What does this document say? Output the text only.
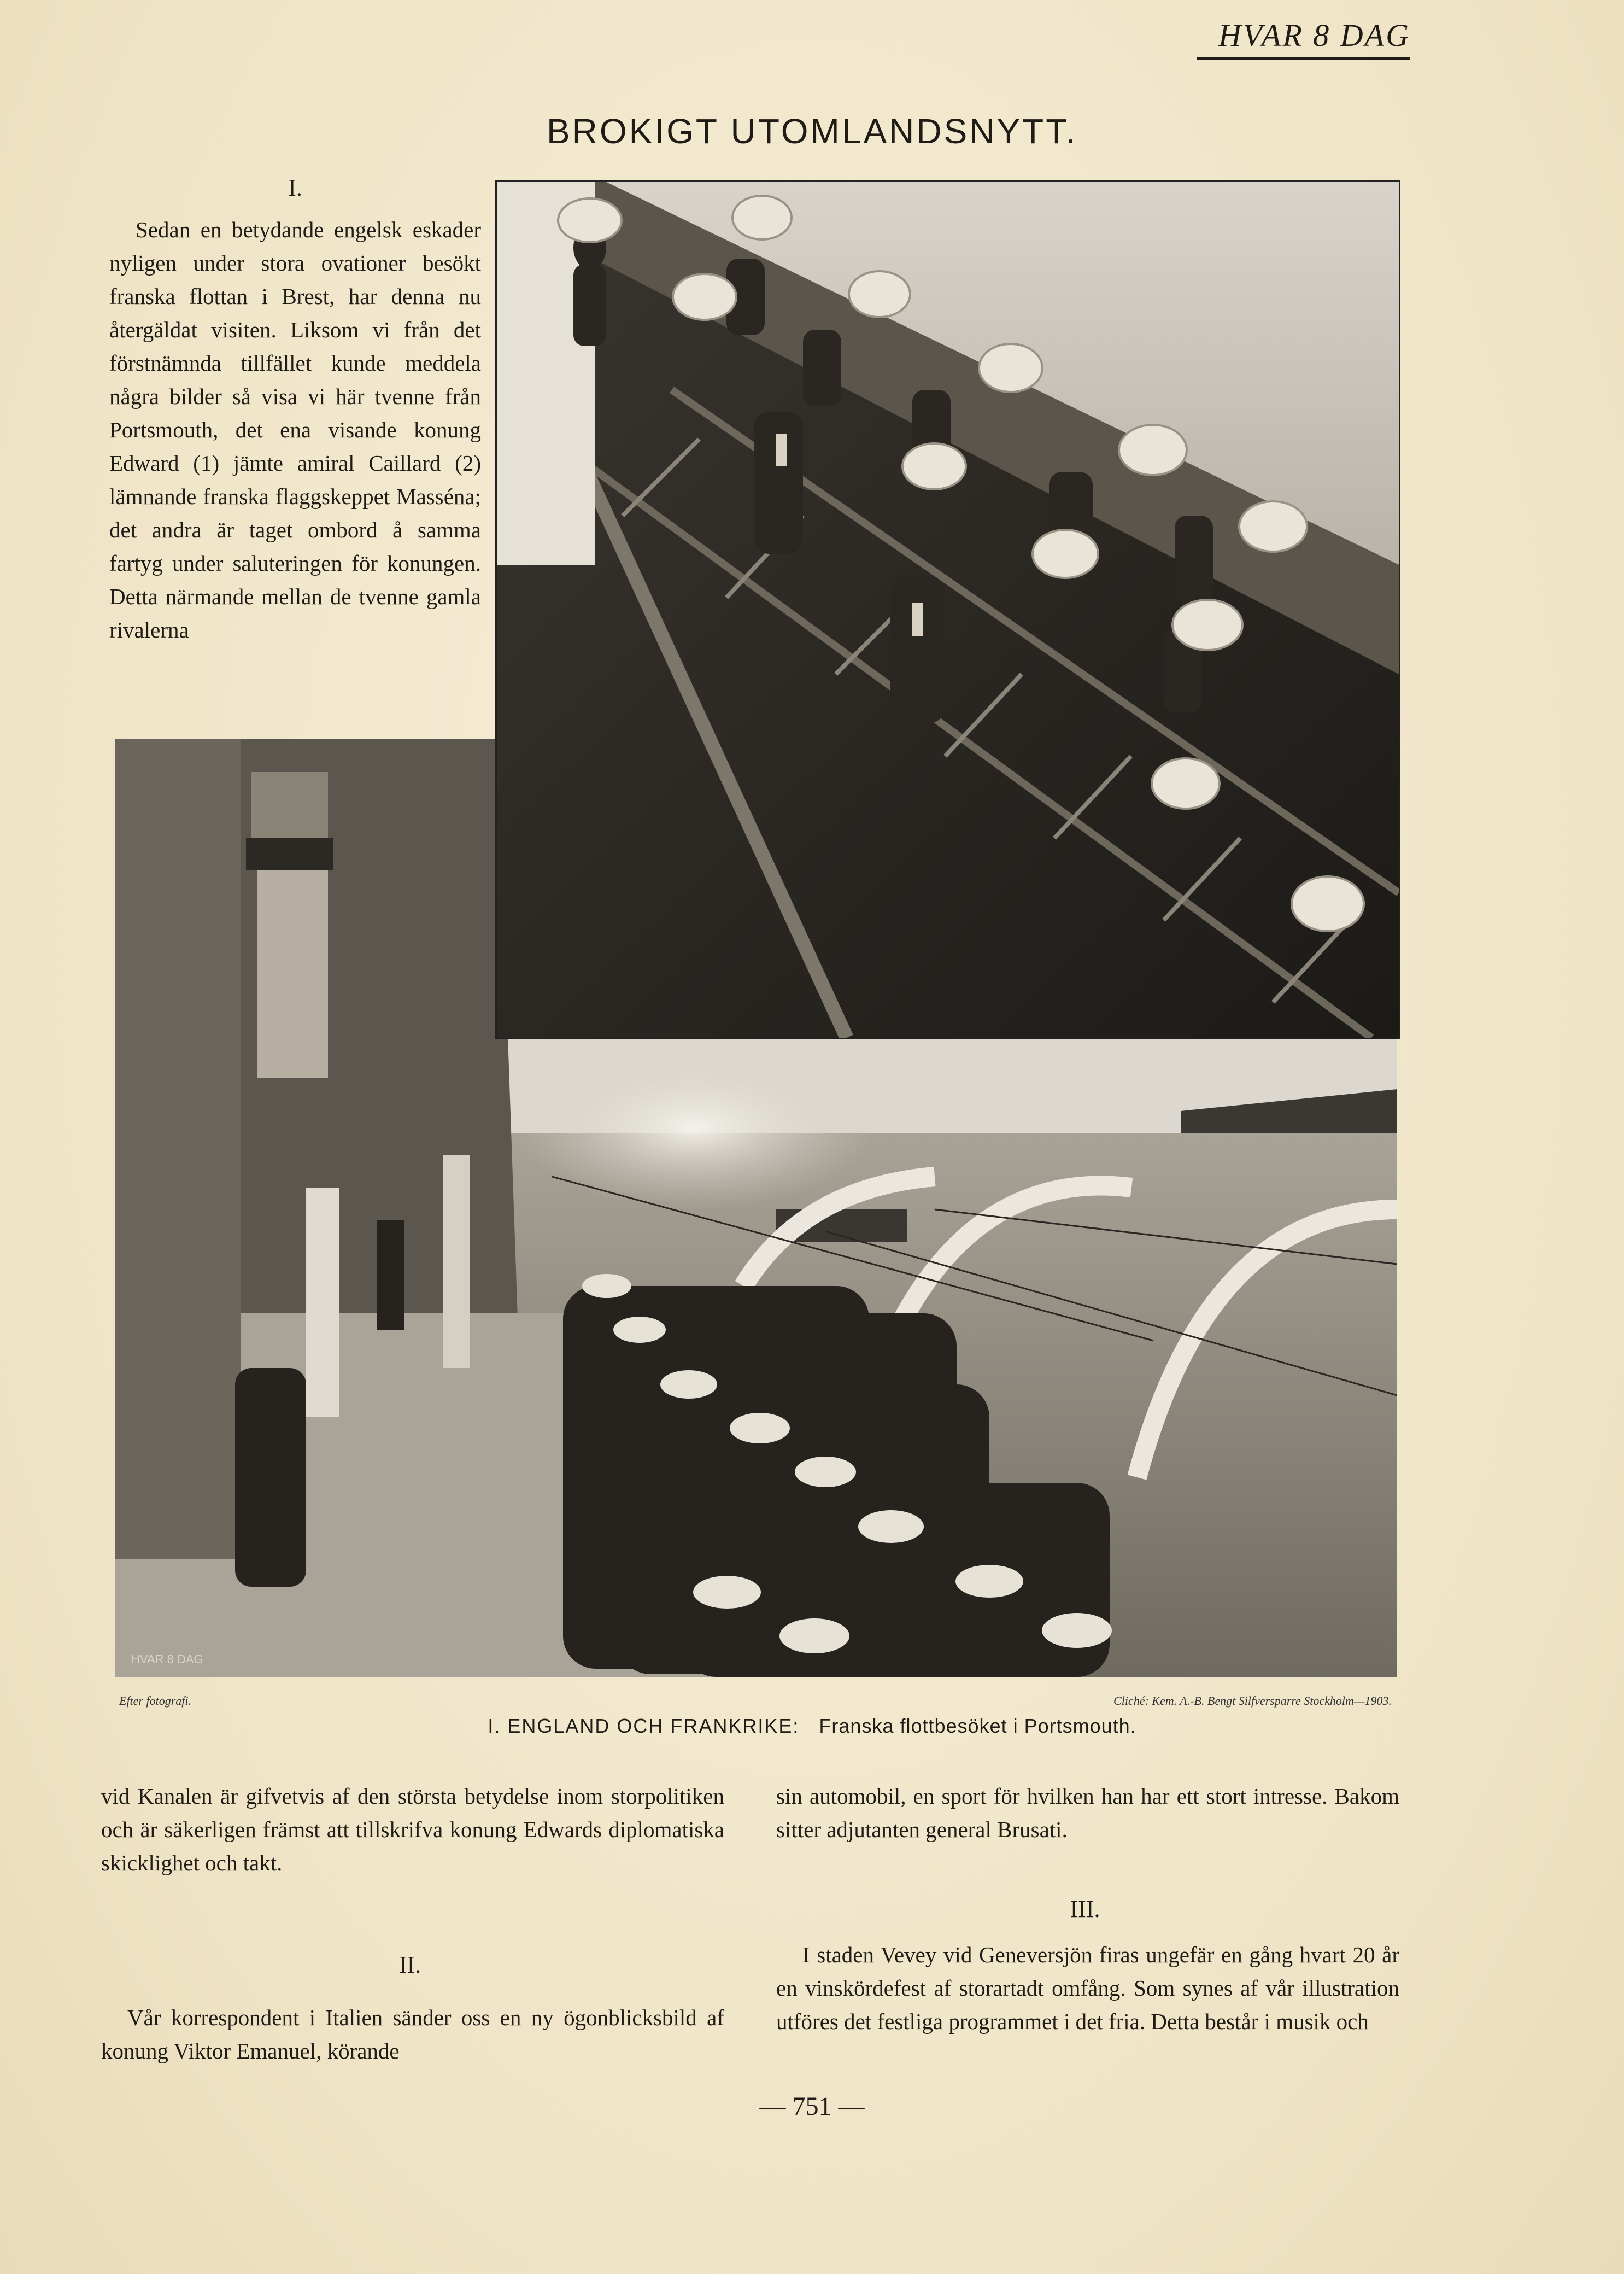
HVAR 8 DAG
BROKIGT UTOMLANDSNYTT.
I.

Sedan en betydande engelsk eskader nyligen under stora ovationer besökt franska flottan i Brest, har denna nu återgäldat visiten. Liksom vi från det förstnämnda tillfället kunde meddela några bilder så visa vi här tvenne från Portsmouth, det ena visande konung Edward (1) jämte amiral Caillard (2) lämnande franska flaggskeppet Masséna; det andra är taget ombord å samma fartyg under saluteringen för konungen. Detta närmande mellan de tvenne gamla rivalerna

HVAR 8 DAG
Efter fotografi.	Cliché: Kem. A.-B. Bengt Silfversparre Stockholm—1903.
I. ENGLAND OCH FRANKRIKE: Franska flottbesöket i Portsmouth.

vid Kanalen är gifvetvis af den största betydelse inom storpolitiken och är säkerligen främst att tillskrifva konung Edwards diplomatiska skicklighet och takt.

II.

Vår korrespondent i Italien sänder oss en ny ögonblicksbild af konung Viktor Emanuel, körande

sin automobil, en sport för hvilken han har ett stort intresse. Bakom sitter adjutanten general Brusati.

III.

I staden Vevey vid Geneversjön firas ungefär en gång hvart 20 år en vinskördefest af storartadt omfång. Som synes af vår illustration utföres det festliga programmet i det fria. Detta består i musik och

— 751 —
